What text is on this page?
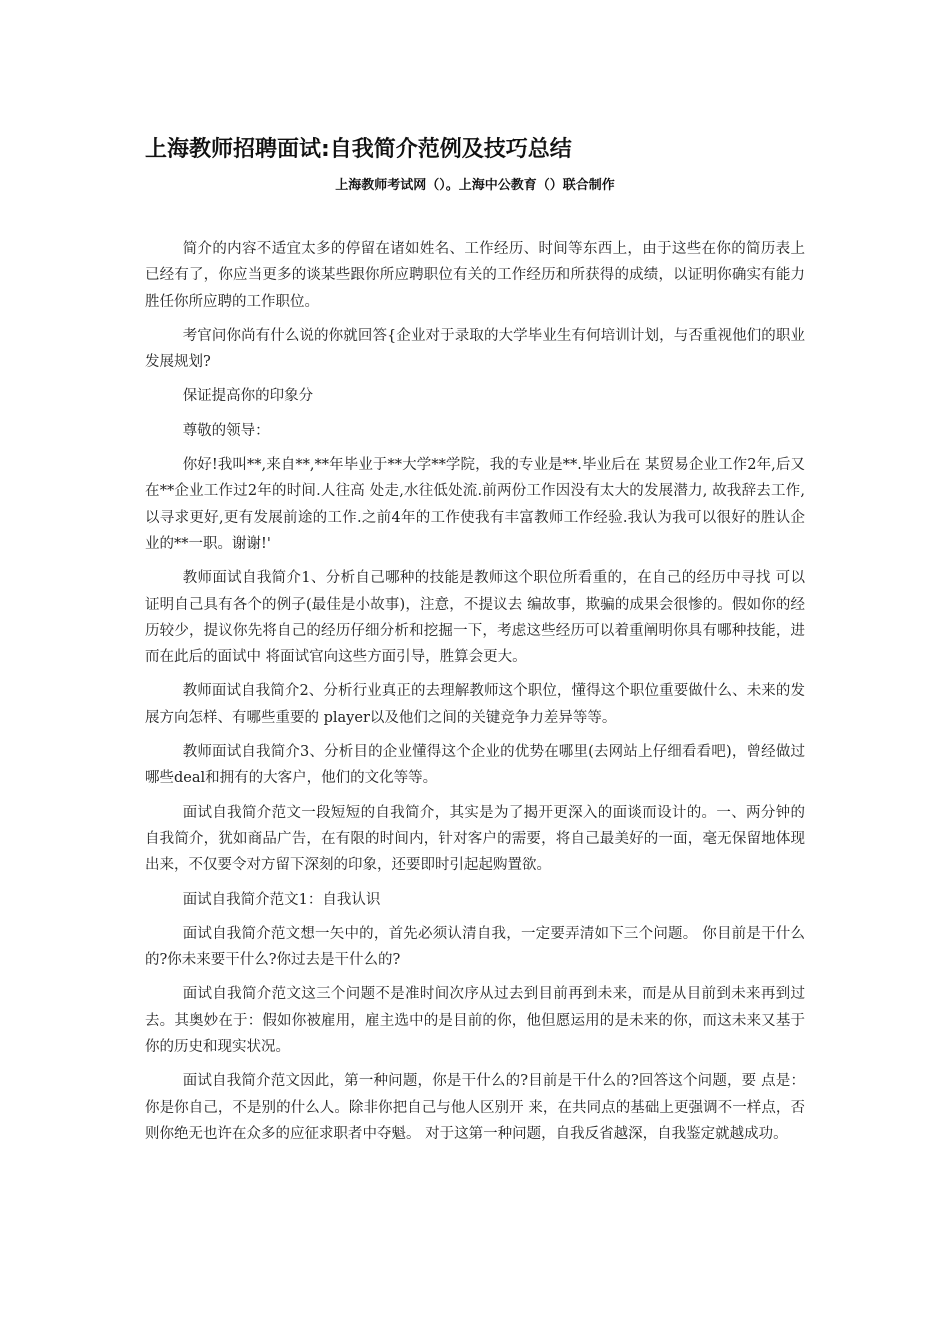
上海教师招聘面试:自我简介范例及技巧总结
上海教师考试网（）。上海中公教育（）联合制作

简介的内容不适宜太多的停留在诸如姓名、工作经历、时间等东西上，由于这些在你的简历表上已经有了，你应当更多的谈某些跟你所应聘职位有关的工作经历和所获得的成绩，以证明你确实有能力胜任你所应聘的工作职位。

考官问你尚有什么说的你就回答{企业对于录取的大学毕业生有何培训计划，与否重视他们的职业发展规划?

保证提高你的印象分

尊敬的领导：

你好!我叫**,来自**,**年毕业于**大学**学院，我的专业是**.毕业后在 某贸易企业工作2年,后又在**企业工作过2年的时间.人往高 处走,水往低处流.前两份工作因没有太大的发展潜力, 故我辞去工作,以寻求更好,更有发展前途的工作.之前4年的工作使我有丰富教师工作经验.我认为我可以很好的胜认企业的**一职。谢谢!'

教师面试自我简介1、分析自己哪种的技能是教师这个职位所看重的，在自己的经历中寻找 可以证明自己具有各个的例子(最佳是小故事)，注意，不提议去 编故事，欺骗的成果会很惨的。假如你的经历较少，提议你先将自己的经历仔细分析和挖掘一下，考虑这些经历可以着重阐明你具有哪种技能，进而在此后的面试中 将面试官向这些方面引导，胜算会更大。

教师面试自我简介2、分析行业真正的去理解教师这个职位，懂得这个职位重要做什么、未来的发展方向怎样、有哪些重要的 player以及他们之间的关键竞争力差异等等。

教师面试自我简介3、分析目的企业懂得这个企业的优势在哪里(去网站上仔细看看吧)，曾经做过哪些deal和拥有的大客户，他们的文化等等。

面试自我简介范文一段短短的自我简介，其实是为了揭开更深入的面谈而设计的。一、两分钟的自我简介，犹如商品广告，在有限的时间内，针对客户的需要，将自己最美好的一面，毫无保留地体现出来，不仅要令对方留下深刻的印象，还要即时引起起购置欲。

面试自我简介范文1：自我认识

面试自我简介范文想一矢中的，首先必须认清自我，一定要弄清如下三个问题。 你目前是干什么的?你未来要干什么?你过去是干什么的?

面试自我简介范文这三个问题不是准时间次序从过去到目前再到未来，而是从目前到未来再到过去。其奥妙在于：假如你被雇用，雇主选中的是目前的你，他但愿运用的是未来的你，而这未来又基于你的历史和现实状况。

面试自我简介范文因此，第一种问题，你是干什么的?目前是干什么的?回答这个问题，要 点是：你是你自己，不是别的什么人。除非你把自己与他人区别开 来，在共同点的基础上更强调不一样点，否则你绝无也许在众多的应征求职者中夺魁。 对于这第一种问题，自我反省越深，自我鉴定就越成功。
